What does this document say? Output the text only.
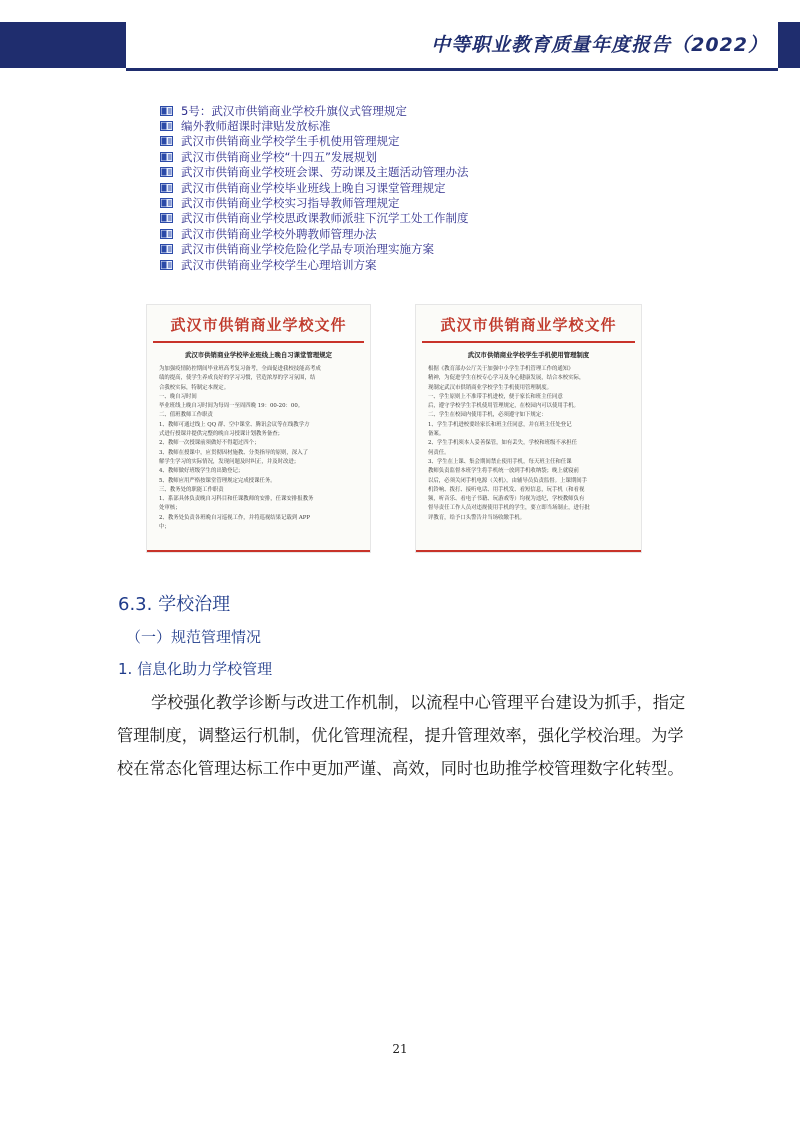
中等职业教育质量年度报告（2022）
5号：武汉市供销商业学校升旗仪式管理规定
编外教师超课时津贴发放标准
武汉市供销商业学校学生手机使用管理规定
武汉市供销商业学校“十四五”发展规划
武汉市供销商业学校班会课、劳动课及主题活动管理办法
武汉市供销商业学校毕业班线上晚自习课堂管理规定
武汉市供销商业学校实习指导教师管理规定
武汉市供销商业学校思政课教师派驻下沉学工处工作制度
武汉市供销商业学校外聘教师管理办法
武汉市供销商业学校危险化学品专项治理实施方案
武汉市供销商业学校学生心理培训方案
武汉市供销商业学校文件
武汉市供销商业学校毕业班线上晚自习课堂管理规定
为加强疫情防控期间毕业班高考复习备考，全面促进我校技能高考成
绩的提高，使学生养成良好的学习习惯，营造浓厚的学习氛围，结
合我校实际，特制定本规定。
一、晚自习时间
毕业班线上晚自习时间为每周一至周四晚 19：00-20：00。
二、值班教师工作职责
1、教师可通过线上 QQ 群、空中课堂、腾讯会议等在线教学方
式进行授课并提供完整的晚自习授课计划教务备查；
2、教师一次授课前须做好不得超过四个；
3、教师在授课中，应贯彻因材施教、分类指导的原则，深入了
解学生学习的实际情况，发现问题及时纠正，并及时改进；
4、教师做好班级学生的出勤登记；
5、教师应用严格按课堂管理规定完成授课任务。
三、教务处的职能工作职责
1、系部具体负责晚自习科目和任课教师的安排，任课安排报教务
处审核；
2、教务处负责各班晚自习巡视工作，并将巡视结果记载到 APP
中；
武汉市供销商业学校文件
武汉市供销商业学校学生手机使用管理制度
根据《教育部办公厅关于加强中小学生手机管理工作的通知》
精神，为促进学生在校专心学习及身心健康发展，结合本校实际，
现制定武汉市供销商业学校学生手机使用管理制度。
一、学生原则上不准带手机进校，便于家长和班主任同意
后，遵守学校学生手机使用管理规定，在校园内可以使用手机。
二、学生在校园内使用手机，必须遵守如下规定：
1、学生手机进校要经家长和班主任同意，并在班主任处登记
备案。
2、学生手机须本人妥善保管，如有丢失，学校和班级不承担任
何责任。
3、学生在上课、集会期间禁止使用手机，每天班主任和任课
教师负责监督本班学生将手机统一放到手机收纳袋；晚上就寝前
以后，必须关闭手机电源（关机），由辅导员负责监督。上课期间手
机铃响、拨打、接听电话、用手机发、看短信息，玩手机（和看视
频，听音乐、看电子书籍、玩游戏等）均视为违纪，学校教师负有
督导责任工作人员对违规使用手机的学生，要立即当场制止，进行批
评教育，给予口头警告并当场收缴手机。
6.3. 学校治理
（一）规范管理情况
1. 信息化助力学校管理
学校强化教学诊断与改进工作机制，以流程中心管理平台建设为抓手，指定
管理制度，调整运行机制，优化管理流程，提升管理效率，强化学校治理。为学
校在常态化管理达标工作中更加严谨、高效，同时也助推学校管理数字化转型。
21
